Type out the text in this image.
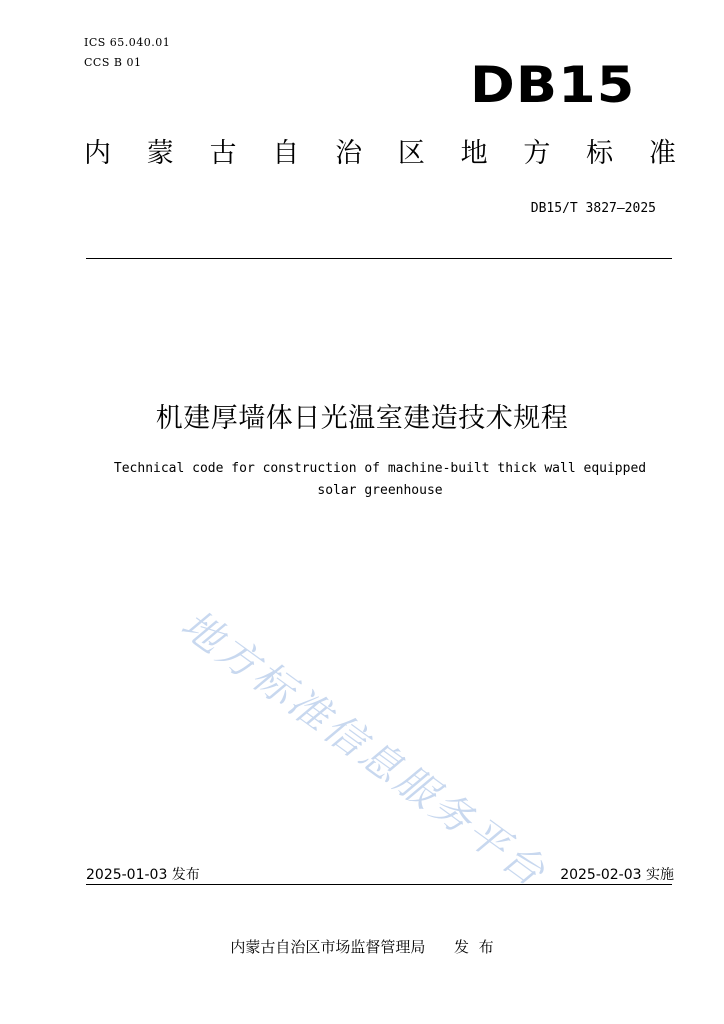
ICS 65.040.01
CCS B 01	DB15
内 蒙 古 自 治 区 地 方 标 准
DB15/T 3827—2025
机建厚墙体日光温室建造技术规程
Technical code for construction of machine-built thick wall equipped
solar greenhouse
地方标准信息服务平台
2025-01-03 发布	2025-02-03 实施
内蒙古自治区市场监督管理局      发  布
